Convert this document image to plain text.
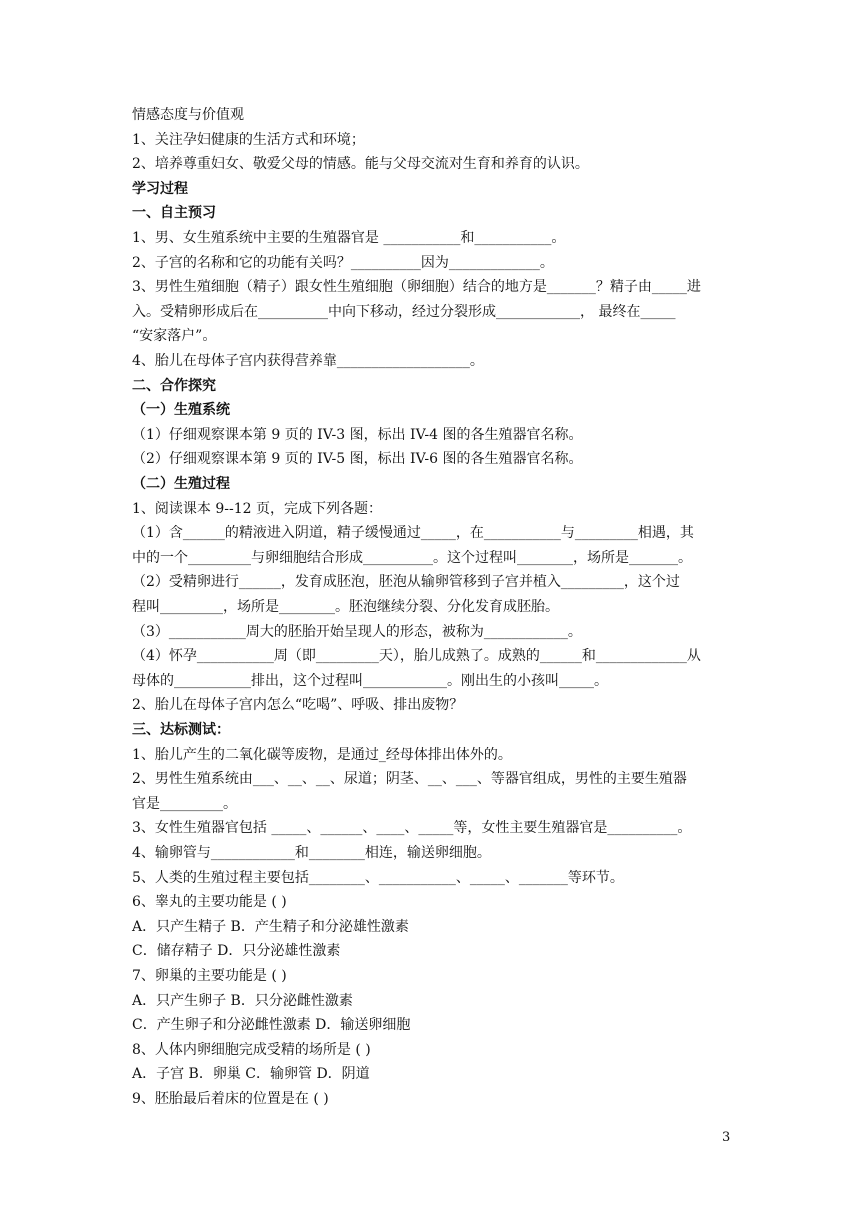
情感态度与价值观
1、关注孕妇健康的生活方式和环境；
2、培养尊重妇女、敬爱父母的情感。能与父母交流对生育和养育的认识。
学习过程
一、自主预习
1、男、女生殖系统中主要的生殖器官是 ___________和___________。
2、子宫的名称和它的功能有关吗？__________因为_____________。
3、男性生殖细胞（精子）跟女性生殖细胞（卵细胞）结合的地方是_______？精子由_____进
入。受精卵形成后在__________中向下移动，经过分裂形成____________， 最终在_____
“安家落户”。
4、胎儿在母体子宫内获得营养靠___________________。
二、合作探究
（一）生殖系统
（1）仔细观察课本第 9 页的 IV-3 图，标出 IV-4 图的各生殖器官名称。
（2）仔细观察课本第 9 页的 IV-5 图，标出 IV-6 图的各生殖器官名称。
（二）生殖过程
1、阅读课本 9--12 页，完成下列各题：
（1）含______的精液进入阴道，精子缓慢通过_____，在___________与_________相遇，其
中的一个_________与卵细胞结合形成__________。这个过程叫________，场所是_______。
（2）受精卵进行______，发育成胚泡，胚泡从输卵管移到子宫并植入_________，这个过
程叫_________，场所是________。胚泡继续分裂、分化发育成胚胎。
（3）___________周大的胚胎开始呈现人的形态，被称为____________。
（4）怀孕___________周（即_________天），胎儿成熟了。成熟的______和_____________从
母体的___________排出，这个过程叫____________。刚出生的小孩叫_____。
2、胎儿在母体子宫内怎么“吃喝”、呼吸、排出废物？
三、达标测试：
1、胎儿产生的二氧化碳等废物，是通过_经母体排出体外的。
2、男性生殖系统由___、__、__、尿道；阴茎、__、___、等器官组成，男性的主要生殖器
官是_________。
3、女性生殖器官包括 _____、______、____、_____等，女性主要生殖器官是__________。
4、输卵管与____________和________相连，输送卵细胞。
5、人类的生殖过程主要包括________、___________、_____、_______等环节。
6、睾丸的主要功能是 ( )
A．只产生精子 B．产生精子和分泌雄性激素
C．储存精子 D．只分泌雄性激素
7、卵巢的主要功能是 ( )
A．只产生卵子 B．只分泌雌性激素
C．产生卵子和分泌雌性激素 D．输送卵细胞
8、人体内卵细胞完成受精的场所是 ( )
A．子宫 B．卵巢 C．输卵管 D．阴道
9、胚胎最后着床的位置是在 ( )
3
